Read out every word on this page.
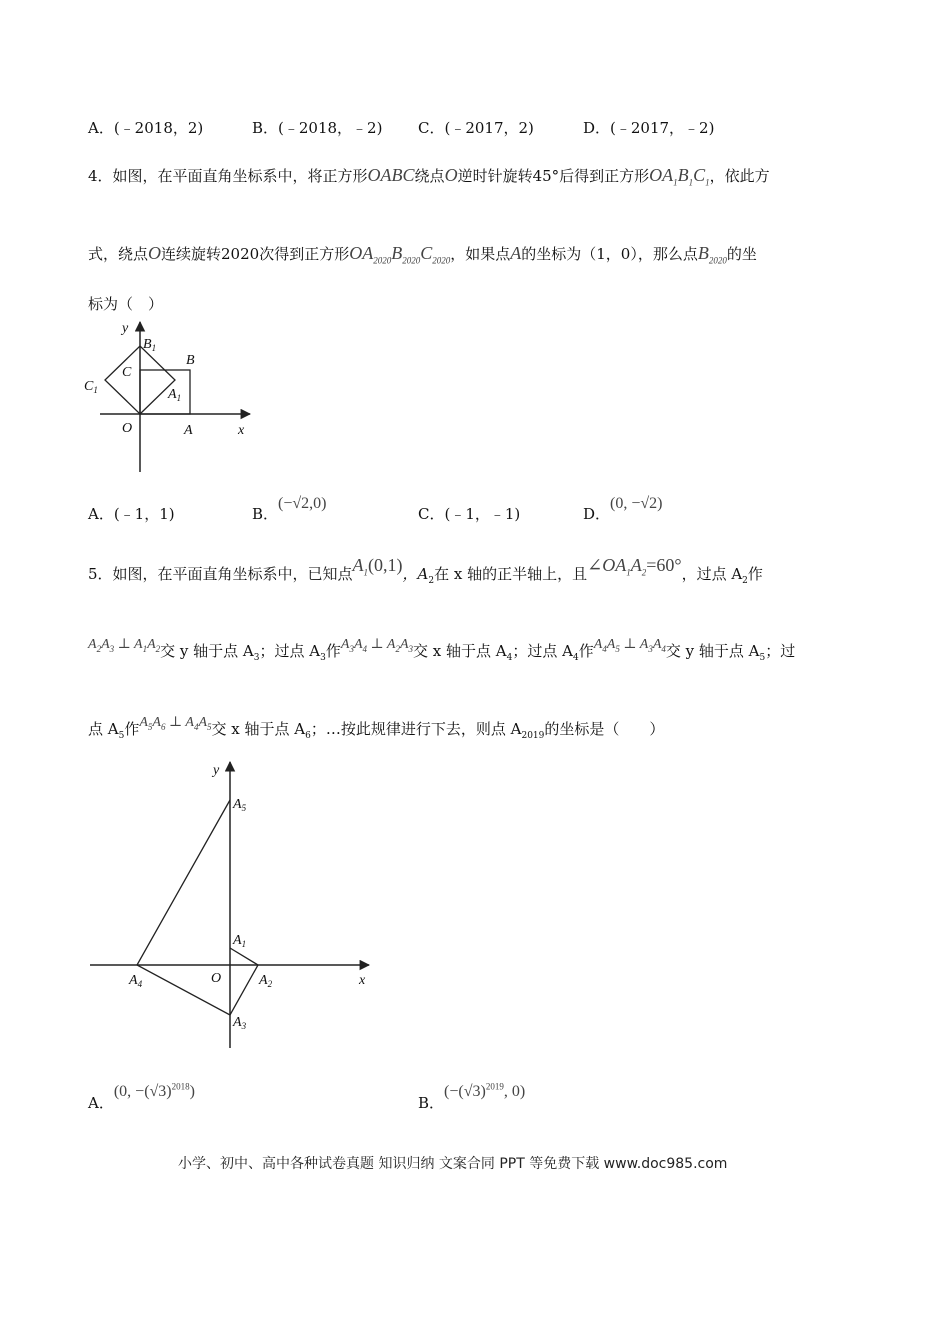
A．(﹣2018，2)	B．(﹣2018，﹣2) C．(﹣2017，2)	D．(﹣2017，﹣2)
4．如图，在平面直角坐标系中，将正方形OABC绕点O逆时针旋转45°后得到正方形$OA_1B_1C_1$，依此方
式，绕点O连续旋转2020次得到正方形$OA_{2020}B_{2020}C_{2020}$，如果点A的坐标为（1，0），那么点$B_{2020}$的坐
标为（　）
y
x
O	A
B
C
$A_1$
$B_1$
$C_1$
A．(﹣1，1)	B．(−√2,0)
C．(﹣1，﹣1)	D．(0, −√2)
5．如图，在平面直角坐标系中，已知点$A_1(0,1)$，$A_2$在 x 轴的正半轴上，且$\angle OA_1A_2=60^\circ$，过点 $A_2$作
$A_2A_3$ ⊥ $A_1A_2$交 y 轴于点 $A_3$；过点 $A_3$作$A_3A_4$ ⊥ $A_2A_3$交 x 轴于点 $A_4$；过点 $A_4$作$A_4A_5$ ⊥ $A_3A_4$交 y 轴于点 $A_5$；过
点 $A_5$作$A_5A_6$ ⊥ $A_4A_5$交 x 轴于点 $A_6$；…按此规律进行下去，则点 $A_{2019}$的坐标是（　　）
y
x
O
$A_1$
$A_2$
$A_3$
$A_4$
$A_5$
A．(0, $-(√3)^{2018}$)
B．($-(√3)^{2019}$, 0)
小学、初中、高中各种试卷真题 知识归纳 文案合同 PPT 等免费下载 www.doc985.com
